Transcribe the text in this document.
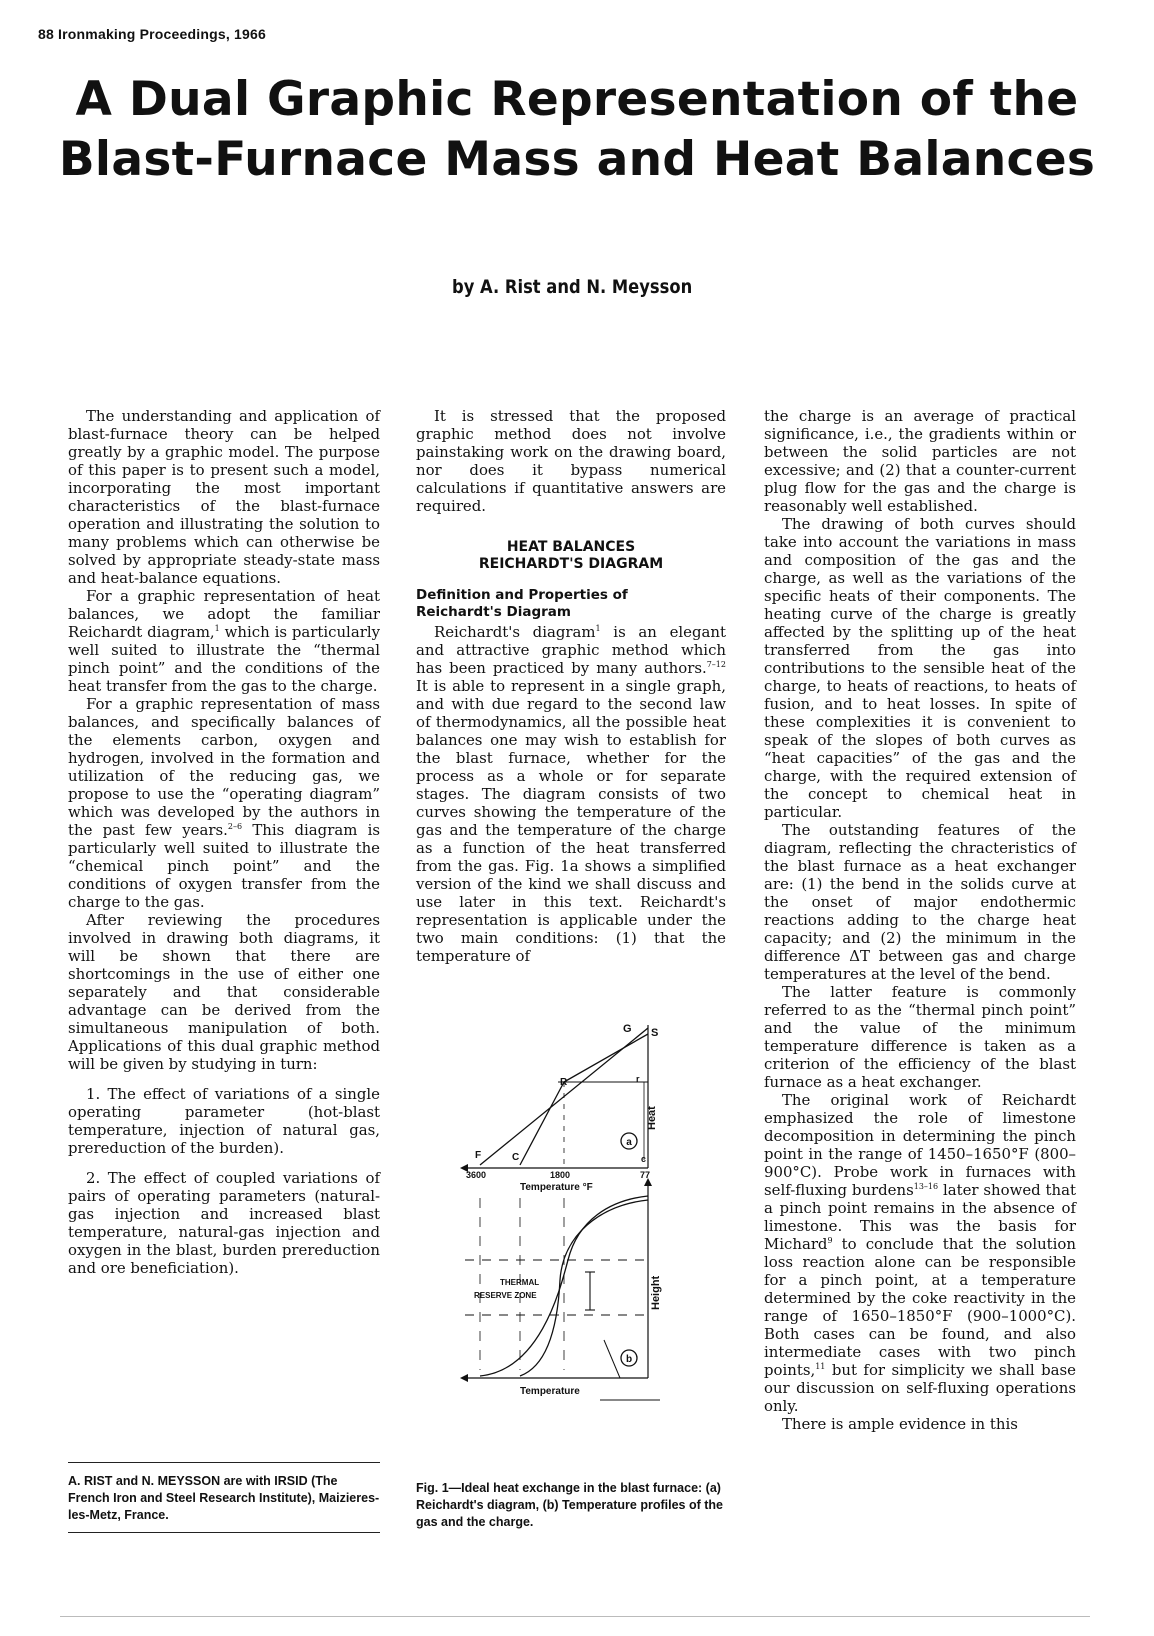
88 Ironmaking Proceedings, 1966
A Dual Graphic Representation of the
Blast-Furnace Mass and Heat Balances
by A. Rist and N. Meysson

The understanding and application of blast-furnace theory can be helped greatly by a graphic model. The purpose of this paper is to present such a model, incorporating the most important characteristics of the blast-furnace operation and illustrating the solution to many problems which can otherwise be solved by appropriate steady-state mass and heat-balance equations.

For a graphic representation of heat balances, we adopt the familiar Reichardt diagram,$^1$ which is particularly well suited to illustrate the “thermal pinch point” and the conditions of the heat transfer from the gas to the charge.

For a graphic representation of mass balances, and specifically balances of the elements carbon, oxygen and hydrogen, involved in the formation and utilization of the reducing gas, we propose to use the “operating diagram” which was developed by the authors in the past few years.$^{2-6}$ This diagram is particularly well suited to illustrate the “chemical pinch point” and the conditions of oxygen transfer from the charge to the gas.

After reviewing the procedures involved in drawing both diagrams, it will be shown that there are shortcomings in the use of either one separately and that considerable advantage can be derived from the simultaneous manipulation of both. Applications of this dual graphic method will be given by studying in turn:

1. The effect of variations of a single operating parameter (hot-blast temperature, injection of natural gas, prereduction of the burden).

2. The effect of coupled variations of pairs of operating parameters (natural-gas injection and increased blast temperature, natural-gas injection and oxygen in the blast, burden prereduction and ore beneficiation).

A. RIST and N. MEYSSON are with IRSID (The French Iron and Steel Research Institute), Maizieres-les-Metz, France.

It is stressed that the proposed graphic method does not involve painstaking work on the drawing board, nor does it bypass numerical calculations if quantitative answers are required.

HEAT BALANCES
REICHARDT'S DIAGRAM
Definition and Properties of
Reichardt's Diagram

Reichardt's diagram$^1$ is an elegant and attractive graphic method which has been practiced by many authors.$^{7-12}$ It is able to represent in a single graph, and with due regard to the second law of thermodynamics, all the possible heat balances one may wish to establish for the blast furnace, whether for the process as a whole or for separate stages. The diagram consists of two curves showing the temperature of the gas and the temperature of the charge as a function of the heat transferred from the gas. Fig. 1a shows a simplified version of the kind we shall discuss and use later in this text. Reichardt's representation is applicable under the two main conditions: (1) that the temperature of

G S
R	r
F	C	c
a
Heat
3600	1800	77
Temperature °F
THERMAL
RESERVE ZONE	Height
b
Temperature
Fig. 1—Ideal heat exchange in the blast furnace: (a) Reichardt's diagram, (b) Temperature profiles of the gas and the charge.

the charge is an average of practical significance, i.e., the gradients within or between the solid particles are not excessive; and (2) that a counter-current plug flow for the gas and the charge is reasonably well established.

The drawing of both curves should take into account the variations in mass and composition of the gas and the charge, as well as the variations of the specific heats of their components. The heating curve of the charge is greatly affected by the splitting up of the heat transferred from the gas into contributions to the sensible heat of the charge, to heats of reactions, to heats of fusion, and to heat losses. In spite of these complexities it is convenient to speak of the slopes of both curves as “heat capacities” of the gas and the charge, with the required extension of the concept to chemical heat in particular.

The outstanding features of the diagram, reflecting the chracteristics of the blast furnace as a heat exchanger are: (1) the bend in the solids curve at the onset of major endothermic reactions adding to the charge heat capacity; and (2) the minimum in the difference ΔT between gas and charge temperatures at the level of the bend.

The latter feature is commonly referred to as the “thermal pinch point” and the value of the minimum temperature difference is taken as a criterion of the efficiency of the blast furnace as a heat exchanger.

The original work of Reichardt emphasized the role of limestone decomposition in determining the pinch point in the range of 1450–1650°F (800–900°C). Probe work in furnaces with self-fluxing burdens$^{13-16}$ later showed that a pinch point remains in the absence of limestone. This was the basis for Michard$^9$ to conclude that the solution loss reaction alone can be responsible for a pinch point, at a temperature determined by the coke reactivity in the range of 1650–1850°F (900–1000°C). Both cases can be found, and also intermediate cases with two pinch points,$^{11}$ but for simplicity we shall base our discussion on self-fluxing operations only.

There is ample evidence in this
